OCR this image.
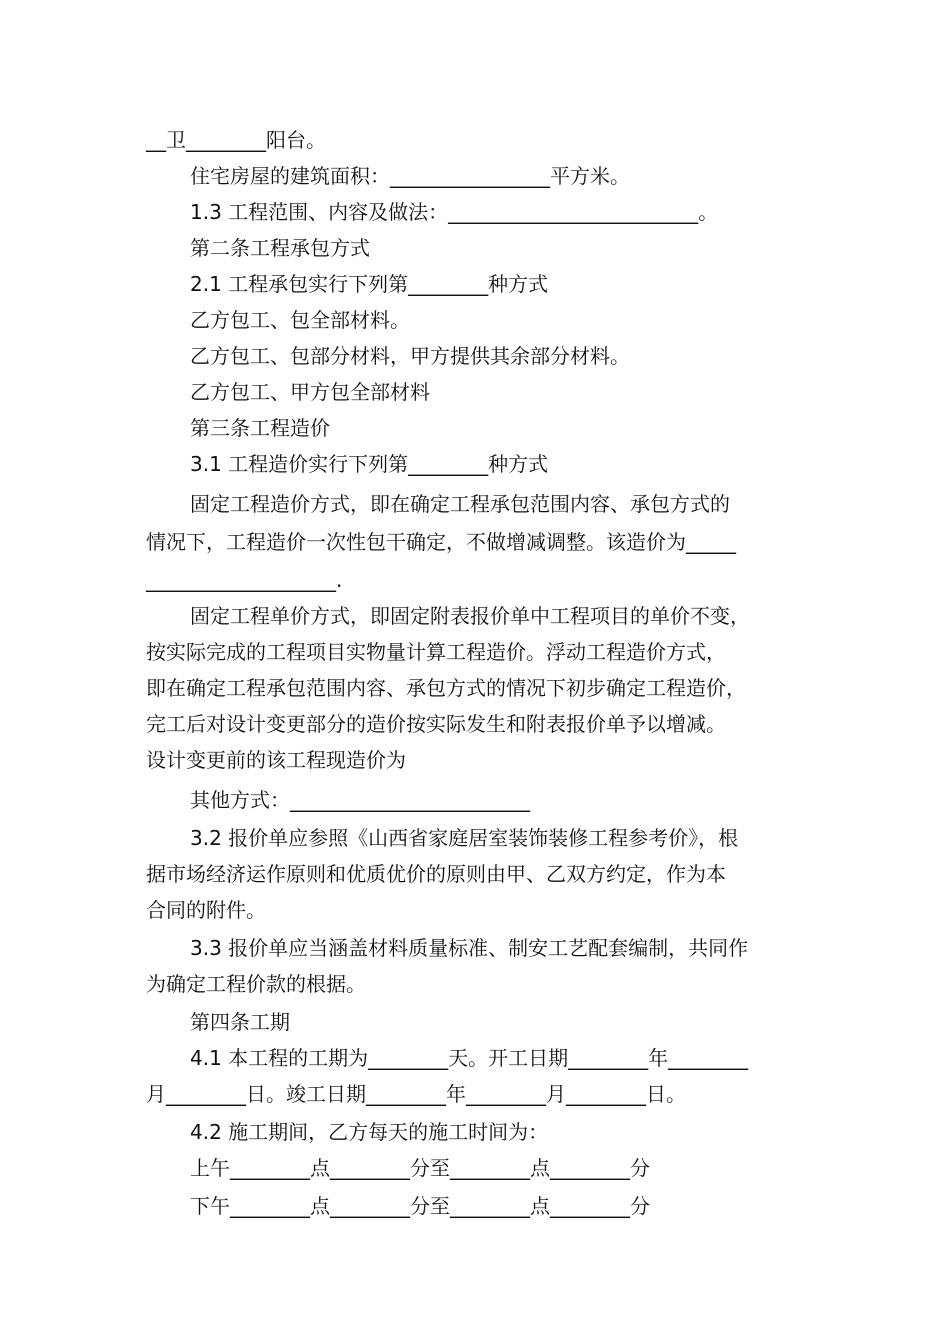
__卫________阳台。
住宅房屋的建筑面积：________________平方米。
1.3 工程范围、内容及做法：_________________________。
第二条工程承包方式
2.1 工程承包实行下列第________种方式
乙方包工、包全部材料。
乙方包工、包部分材料，甲方提供其余部分材料。
乙方包工、甲方包全部材料
第三条工程造价
3.1 工程造价实行下列第________种方式
固定工程造价方式，即在确定工程承包范围内容、承包方式的
情况下，工程造价一次性包干确定，不做增减调整。该造价为_____
___________________.
固定工程单价方式，即固定附表报价单中工程项目的单价不变，
按实际完成的工程项目实物量计算工程造价。浮动工程造价方式，
即在确定工程承包范围内容、承包方式的情况下初步确定工程造价，
完工后对设计变更部分的造价按实际发生和附表报价单予以增减。
设计变更前的该工程现造价为
其他方式：________________________
3.2 报价单应参照《山西省家庭居室装饰装修工程参考价》，根
据市场经济运作原则和优质优价的原则由甲、乙双方约定，作为本
合同的附件。
3.3 报价单应当涵盖材料质量标准、制安工艺配套编制，共同作
为确定工程价款的根据。
第四条工期
4.1 本工程的工期为________天。开工日期________年________
月________日。竣工日期________年________月________日。
4.2 施工期间，乙方每天的施工时间为：
上午________点________分至________点________分
下午________点________分至________点________分
